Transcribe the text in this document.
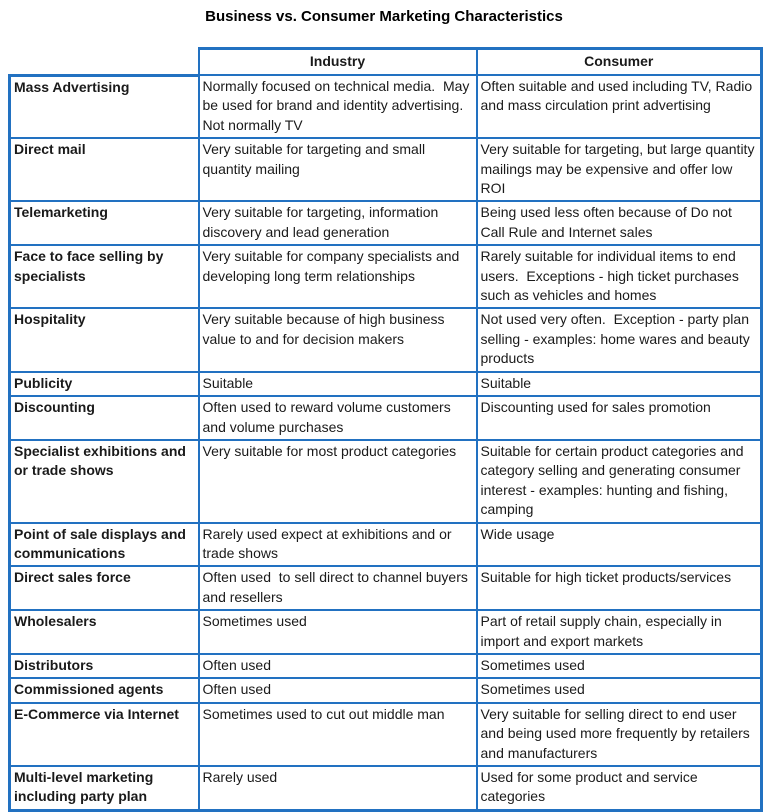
Business vs. Consumer Marketing Characteristics
	Industry	Consumer
Mass Advertising	Normally focused on technical media.  May be used for brand and identity advertising.  Not normally TV	Often suitable and used including TV, Radio and mass circulation print advertising
Direct mail	Very suitable for targeting and small quantity mailing	Very suitable for targeting, but large quantity mailings may be expensive and offer low ROI
Telemarketing	Very suitable for targeting, information discovery and lead generation	Being used less often because of Do not Call Rule and Internet sales
Face to face selling by specialists	Very suitable for company specialists and developing long term relationships	Rarely suitable for individual items to end users.  Exceptions - high ticket purchases such as vehicles and homes
Hospitality	Very suitable because of high business value to and for decision makers	Not used very often.  Exception - party plan selling - examples: home wares and beauty products
Publicity	Suitable	Suitable
Discounting	Often used to reward volume customers and volume purchases	Discounting used for sales promotion
Specialist exhibitions and or trade shows	Very suitable for most product categories	Suitable for certain product categories and category selling and generating consumer interest - examples: hunting and fishing, camping
Point of sale displays and communications	Rarely used expect at exhibitions and or trade shows	Wide usage
Direct sales force	Often used  to sell direct to channel buyers and resellers	Suitable for high ticket products/services
Wholesalers	Sometimes used	Part of retail supply chain, especially in import and export markets
Distributors	Often used	Sometimes used
Commissioned agents	Often used	Sometimes used
E-Commerce via Internet	Sometimes used to cut out middle man	Very suitable for selling direct to end user and being used more frequently by retailers and manufacturers
Multi-level marketing including party plan	Rarely used	Used for some product and service categories
